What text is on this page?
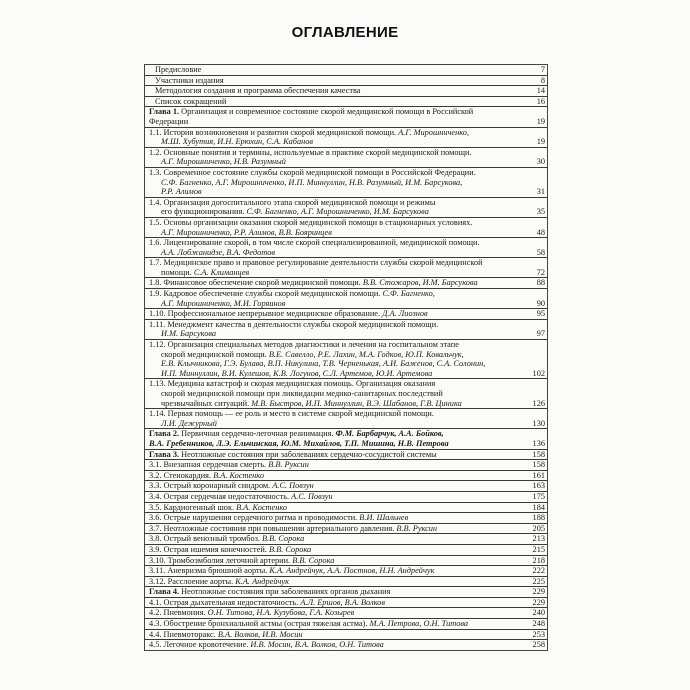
ОГЛАВЛЕНИЕ
Предисловие	7
Участники издания	8
Методология создания и программа обеспечения качества	14
Список сокращений	16
Глава 1. Организация и современное состояние скорой медицинской помощи в Российской
Федерации	19
1.1. История возникновения и развития скорой медицинской помощи. А.Г. Мирошниченко,
М.Ш. Хубутия, И.Н. Ерюхин, С.А. Кабанов	19
1.2. Основные понятия и термины, используемые в практике скорой медицинской помощи.
А.Г. Мирошниченко, Н.В. Разумный	30
1.3. Современное состояние службы скорой медицинской помощи в Российской Федерации.
С.Ф. Багненко, А.Г. Мирошниченко, И.П. Миннуллин, Н.В. Разумный, И.М. Барсукова,
Р.Р. Алимов	31
1.4. Организация догоспитального этапа скорой медицинской помощи и режимы
его функционирования. С.Ф. Багненко, А.Г. Мирошниченко, И.М. Барсукова	35
1.5. Основы организации оказания скорой медицинской помощи в стационарных условиях.
А.Г. Мирошниченко, Р.Р. Алимов, В.В. Бояринцев	48
1.6. Лицензирование скорой, в том числе скорой специализированной, медицинской помощи.
А.А. Лобжанидзе, В.А. Федотов	58
1.7. Медицинское право и правовое регулирование деятельности службы скорой медицинской
помощи. С.А. Климанцев	72
1.8. Финансовое обеспечение скорой медицинской помощи. В.В. Стожаров, И.М. Барсукова	88
1.9. Кадровое обеспечение службы скорой медицинской помощи. С.Ф. Багненко,
А.Г. Мирошниченко, М.И. Горяинов	90
1.10. Профессиональное непрерывное медицинское образование. Д.А. Лиознов	95
1.11. Менеджмент качества в деятельности службы скорой медицинской помощи.
И.М. Барсукова	97
1.12. Организация специальных методов диагностики и лечения на госпитальном этапе
скорой медицинской помощи. В.Е. Савелло, Р.Е. Лахин, М.А. Годков, Ю.П. Ковальчук,
Е.В. Клычникова, Г.Э. Булава, В.П. Никулина, Т.В. Черненькая, А.И. Баженов, С.А. Солонин,
И.П. Миннуллин, В.И. Кулешов, К.В. Логунов, С.Л. Артемов, Ю.И. Артемова	102
1.13. Медицина катастроф и скорая медицинская помощь. Организация оказания
скорой медицинской помощи при ликвидации медико-санитарных последствий
чрезвычайных ситуаций. М.В. Быстров, И.П. Миннуллин, В.Э. Шабанов, Г.В. Циника	126
1.14. Первая помощь — ее роль и место в системе скорой медицинской помощи.
Л.И. Дежурный	130
Глава 2. Первичная сердечно-легочная реанимация. Ф.М. Барбарчук, А.А. Бойков,
В.А. Гребенников, Л.Э. Ельчинская, Ю.М. Михайлов, Т.П. Мишина, Н.В. Петрова	136
Глава 3. Неотложные состояния при заболеваниях сердечно-сосудистой системы	158
3.1. Внезапная сердечная смерть. В.В. Руксин	158
3.2. Стенокардия. В.А. Костенко	161
3.3. Острый коронарный синдром. А.С. Повзун	163
3.4. Острая сердечная недостаточность. А.С. Повзун	175
3.5. Кардиогенный шок. В.А. Костенко	184
3.6. Острые нарушения сердечного ритма и проводимости. В.И. Шальнев	188
3.7. Неотложные состояния при повышении артериального давления. В.В. Руксин	205
3.8. Острый венозный тромбоз. В.В. Сорока	213
3.9. Острая ишемия конечностей. В.В. Сорока	215
3.10. Тромбоэмболия легочной артерии. В.В. Сорока	218
3.11. Аневризма брюшной аорты. К.А. Андрейчук, А.А. Постнов, Н.Н. Андрейчук	222
3.12. Расслоение аорты. К.А. Андрейчук	225
Глава 4. Неотложные состояния при заболеваниях органов дыхания	229
4.1. Острая дыхательная недостаточность. А.Л. Ершов, В.А. Волков	229
4.2. Пневмония. О.Н. Титова, Н.А. Кузубова, Г.А. Козырев	240
4.3. Обострение бронхиальной астмы (острая тяжелая астма). М.А. Петрова, О.Н. Титова	248
4.4. Пневмоторакс. В.А. Волков, И.В. Мосин	253
4.5. Легочное кровотечение. И.В. Мосин, В.А. Волков, О.Н. Титова	258
